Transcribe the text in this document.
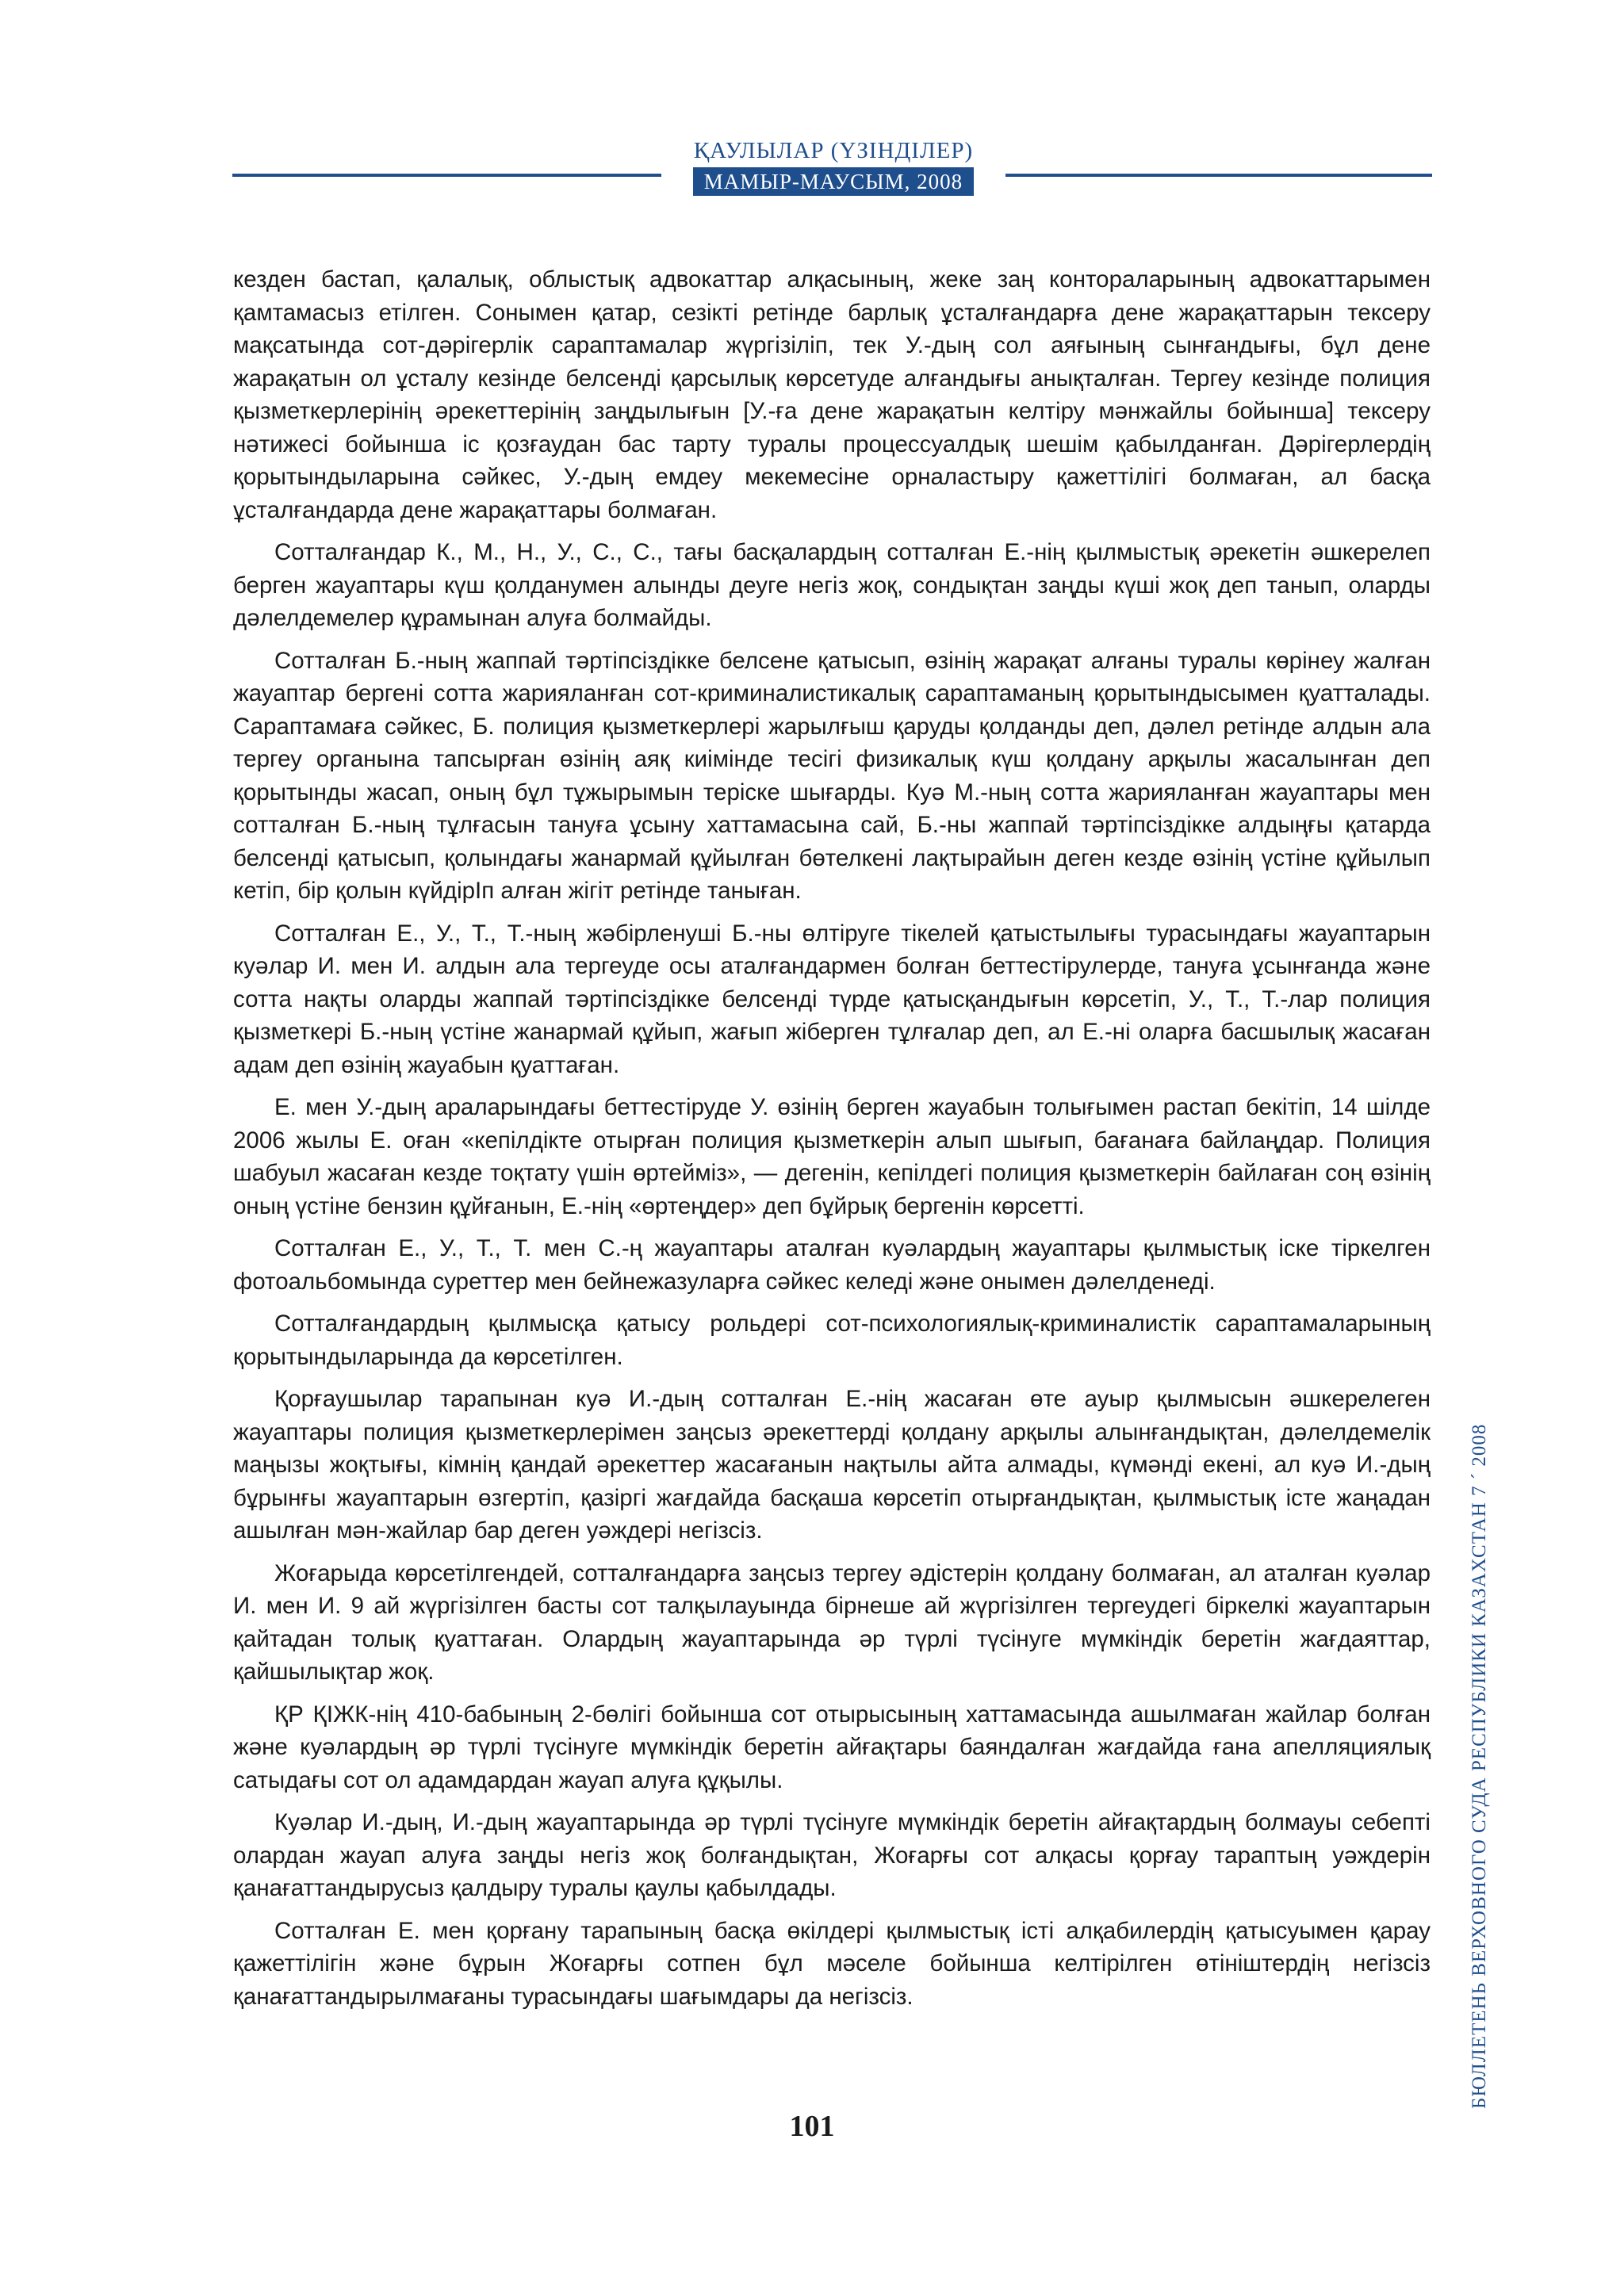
ҚАУЛЫЛАР (ҮЗІНДІЛЕР)
МАМЫР-МАУСЫМ, 2008

кезден бастап, қалалық, облыстық адвокаттар алқасының, жеке заң контораларының адвокаттарымен қамтамасыз етілген. Сонымен қатар, сезікті ретінде барлық ұсталғандарға дене жарақаттарын тексеру мақсатында сот-дәрігерлік сараптамалар жүргізіліп, тек У.-дың сол аяғының сынғандығы, бұл дене жарақатын ол ұсталу кезінде белсенді қарсылық көрсетуде алғандығы анықталған. Тергеу кезінде полиция қызметкерлерінің әрекеттерінің заңдылығын [У.-ға дене жарақатын келтіру мәнжайлы бойынша] тексеру нәтижесі бойынша іс қозғаудан бас тарту туралы процессуалдық шешім қабылданған. Дәрігерлердің қорытындыларына сәйкес, У.-дың емдеу мекемесіне орналастыру қажеттілігі болмаған, ал басқа ұсталғандарда дене жарақаттары болмаған.

Сотталғандар К., М., Н., У., С., С., тағы басқалардың сотталған Е.-нің қылмыстық әрекетін әшкерелеп берген жауаптары күш қолданумен алынды деуге негіз жоқ, сондықтан заңды күші жоқ деп танып, оларды дәлелдемелер құрамынан алуға болмайды.

Сотталған Б.-ның жаппай тәртіпсіздікке белсене қатысып, өзінің жарақат алғаны туралы көрінеу жалған жауаптар бергені сотта жарияланған сот-криминалистикалық сараптаманың қорытындысымен қуатталады. Сараптамаға сәйкес, Б. полиция қызметкерлері жарылғыш қаруды қолданды деп, дәлел ретінде алдын ала тергеу органына тапсырған өзінің аяқ киімінде тесігі физикалық күш қолдану арқылы жасалынған деп қорытынды жасап, оның бұл тұжырымын теріске шығарды. Куә М.-ның сотта жарияланған жауаптары мен сотталған Б.-ның тұлғасын тануға ұсыну хаттамасына сай, Б.-ны жаппай тәртіпсіздікке алдыңғы қатарда белсенді қатысып, қолындағы жанармай құйылған бөтелкені лақтырайын деген кезде өзінің үстіне құйылып кетіп, бір қолын күйдірІп алған жігіт ретінде таныған.

Сотталған Е., У., Т., Т.-ның жәбірленуші Б.-ны өлтіруге тікелей қатыстылығы турасындағы жауаптарын куәлар И. мен И. алдын ала тергеуде осы аталғандармен болған беттестірулерде, тануға ұсынғанда және сотта нақты оларды жаппай тәртіпсіздікке белсенді түрде қатысқандығын көрсетіп, У., Т., Т.-лар полиция қызметкері Б.-ның үстіне жанармай құйып, жағып жіберген тұлғалар деп, ал Е.-ні оларға басшылық жасаған адам деп өзінің жауабын қуаттаған.

Е. мен У.-дың араларындағы беттестіруде У. өзінің берген жауабын толығымен растап бекітіп, 14 шілде 2006 жылы Е. оған «кепілдікте отырған полиция қызметкерін алып шығып, бағанаға байлаңдар. Полиция шабуыл жасаған кезде тоқтату үшін өртейміз», — дегенін, кепілдегі полиция қызметкерін байлаған соң өзінің оның үстіне бензин құйғанын, Е.-нің «өртеңдер» деп бұйрық бергенін көрсетті.

Сотталған Е., У., Т., Т. мен С.-ң жауаптары аталған куәлардың жауаптары қылмыстық іске тіркелген фотоальбомында суреттер мен бейнежазуларға сәйкес келеді және онымен дәлелденеді.

Сотталғандардың қылмысқа қатысу рольдері сот-психологиялық-криминалистік сараптамаларының қорытындыларында да көрсетілген.

Қорғаушылар тарапынан куә И.-дың сотталған Е.-нің жасаған өте ауыр қылмысын әшкерелеген жауаптары полиция қызметкерлерімен заңсыз әрекеттерді қолдану арқылы алынғандықтан, дәлелдемелік маңызы жоқтығы, кімнің қандай әрекеттер жасағанын нақтылы айта алмады, күмәнді екені, ал куә И.-дың бұрынғы жауаптарын өзгертіп, қазіргі жағдайда басқаша көрсетіп отырғандықтан, қылмыстық істе жаңадан ашылған мән-жайлар бар деген уәждері негізсіз.

Жоғарыда көрсетілгендей, сотталғандарға заңсыз тергеу әдістерін қолдану болмаған, ал аталған куәлар И. мен И. 9 ай жүргізілген басты сот талқылауында бірнеше ай жүргізілген тергеудегі біркелкі жауаптарын қайтадан толық қуаттаған. Олардың жауаптарында әр түрлі түсінуге мүмкіндік беретін жағдаяттар, қайшылықтар жоқ.

ҚР ҚІЖК-нің 410-бабының 2-бөлігі бойынша сот отырысының хаттамасында ашылмаған жайлар болған және куәлардың әр түрлі түсінуге мүмкіндік беретін айғақтары баяндалған жағдайда ғана апелляциялық сатыдағы сот ол адамдардан жауап алуға құқылы.

Куәлар И.-дың, И.-дың жауаптарында әр түрлі түсінуге мүмкіндік беретін айғақтардың болмауы себепті олардан жауап алуға заңды негіз жоқ болғандықтан, Жоғарғы сот алқасы қорғау тараптың уәждерін қанағаттандырусыз қалдыру туралы қаулы қабылдады.

Сотталған Е. мен қорғану тарапының басқа өкілдері қылмыстық істі алқабилердің қатысуымен қарау қажеттілігін және бұрын Жоғарғы сотпен бұл мәселе бойынша келтірілген өтініштердің негізсіз қанағаттандырылмағаны турасындағы шағымдары да негізсіз.

101
БЮЛЛЕТЕНЬ ВЕРХОВНОГО СУДА РЕСПУБЛИКИ КАЗАХСТАН 7 ´ 2008
